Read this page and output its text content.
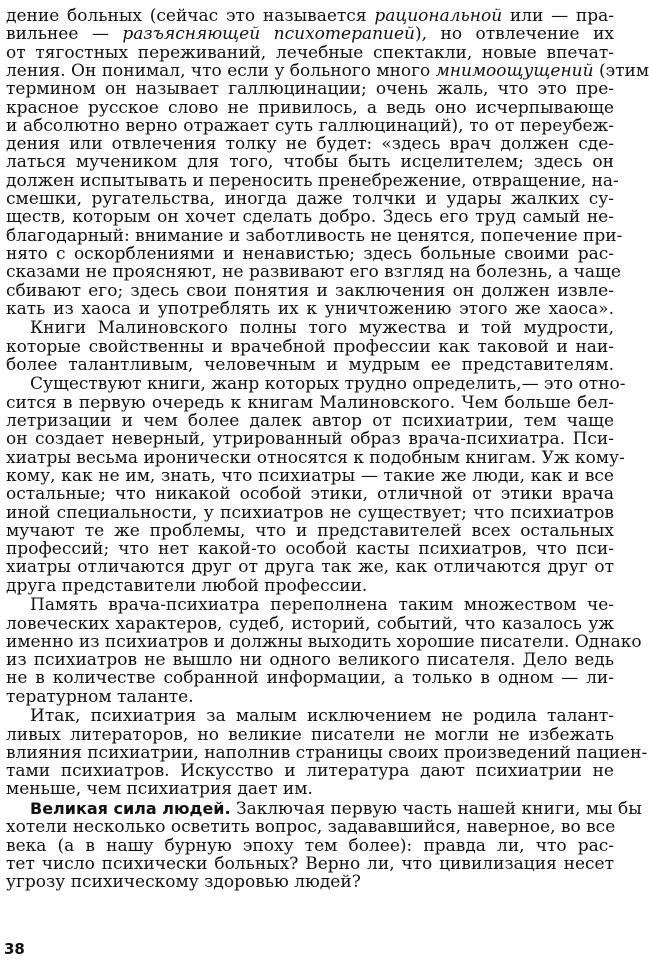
дение больных (сейчас это называется рациональной или — пра-
вильнее — разъясняющей психотерапией), но отвлечение их
от тягостных переживаний, лечебные спектакли, новые впечат-
ления. Он понимал, что если у больного много мнимоощущений (этим
термином он называет галлюцинации; очень жаль, что это пре-
красное русское слово не привилось, а ведь оно исчерпывающе
и абсолютно верно отражает суть галлюцинаций), то от переубеж-
дения или отвлечения толку не будет: «здесь врач должен сде-
латься мучеником для того, чтобы быть исцелителем; здесь он
должен испытывать и переносить пренебрежение, отвращение, на-
смешки, ругательства, иногда даже толчки и удары жалких су-
ществ, которым он хочет сделать добро. Здесь его труд самый не-
благодарный: внимание и заботливость не ценятся, попечение при-
нято с оскорблениями и ненавистью; здесь больные своими рас-
сказами не проясняют, не развивают его взгляд на болезнь, а чаще
сбивают его; здесь свои понятия и заключения он должен извле-
кать из хаоса и употреблять их к уничтожению этого же хаоса».
Книги Малиновского полны того мужества и той мудрости,
которые свойственны и врачебной профессии как таковой и наи-
более талантливым, человечным и мудрым ее представителям.
Существуют книги, жанр которых трудно определить,— это отно-
сится в первую очередь к книгам Малиновского. Чем больше бел-
летризации и чем более далек автор от психиатрии, тем чаще
он создает неверный, утрированный образ врача-психиатра. Пси-
хиатры весьма иронически относятся к подобным книгам. Уж кому-
кому, как не им, знать, что психиатры — такие же люди, как и все
остальные; что никакой особой этики, отличной от этики врача
иной специальности, у психиатров не существует; что психиатров
мучают те же проблемы, что и представителей всех остальных
профессий; что нет какой-то особой касты психиатров, что пси-
хиатры отличаются друг от друга так же, как отличаются друг от
друга представители любой профессии.
Память врача-психиатра переполнена таким множеством че-
ловеческих характеров, судеб, историй, событий, что казалось уж
именно из психиатров и должны выходить хорошие писатели. Однако
из психиатров не вышло ни одного великого писателя. Дело ведь
не в количестве собранной информации, а только в одном — ли-
тературном таланте.
Итак, психиатрия за малым исключением не родила талант-
ливых литераторов, но великие писатели не могли не избежать
влияния психиатрии, наполнив страницы своих произведений пациен-
тами психиатров. Искусство и литература дают психиатрии не
меньше, чем психиатрия дает им.
Великая сила людей. Заключая первую часть нашей книги, мы бы
хотели несколько осветить вопрос, задававшийся, наверное, во все
века (а в нашу бурную эпоху тем более): правда ли, что рас-
тет число психически больных? Верно ли, что цивилизация несет
угрозу психическому здоровью людей?
38
